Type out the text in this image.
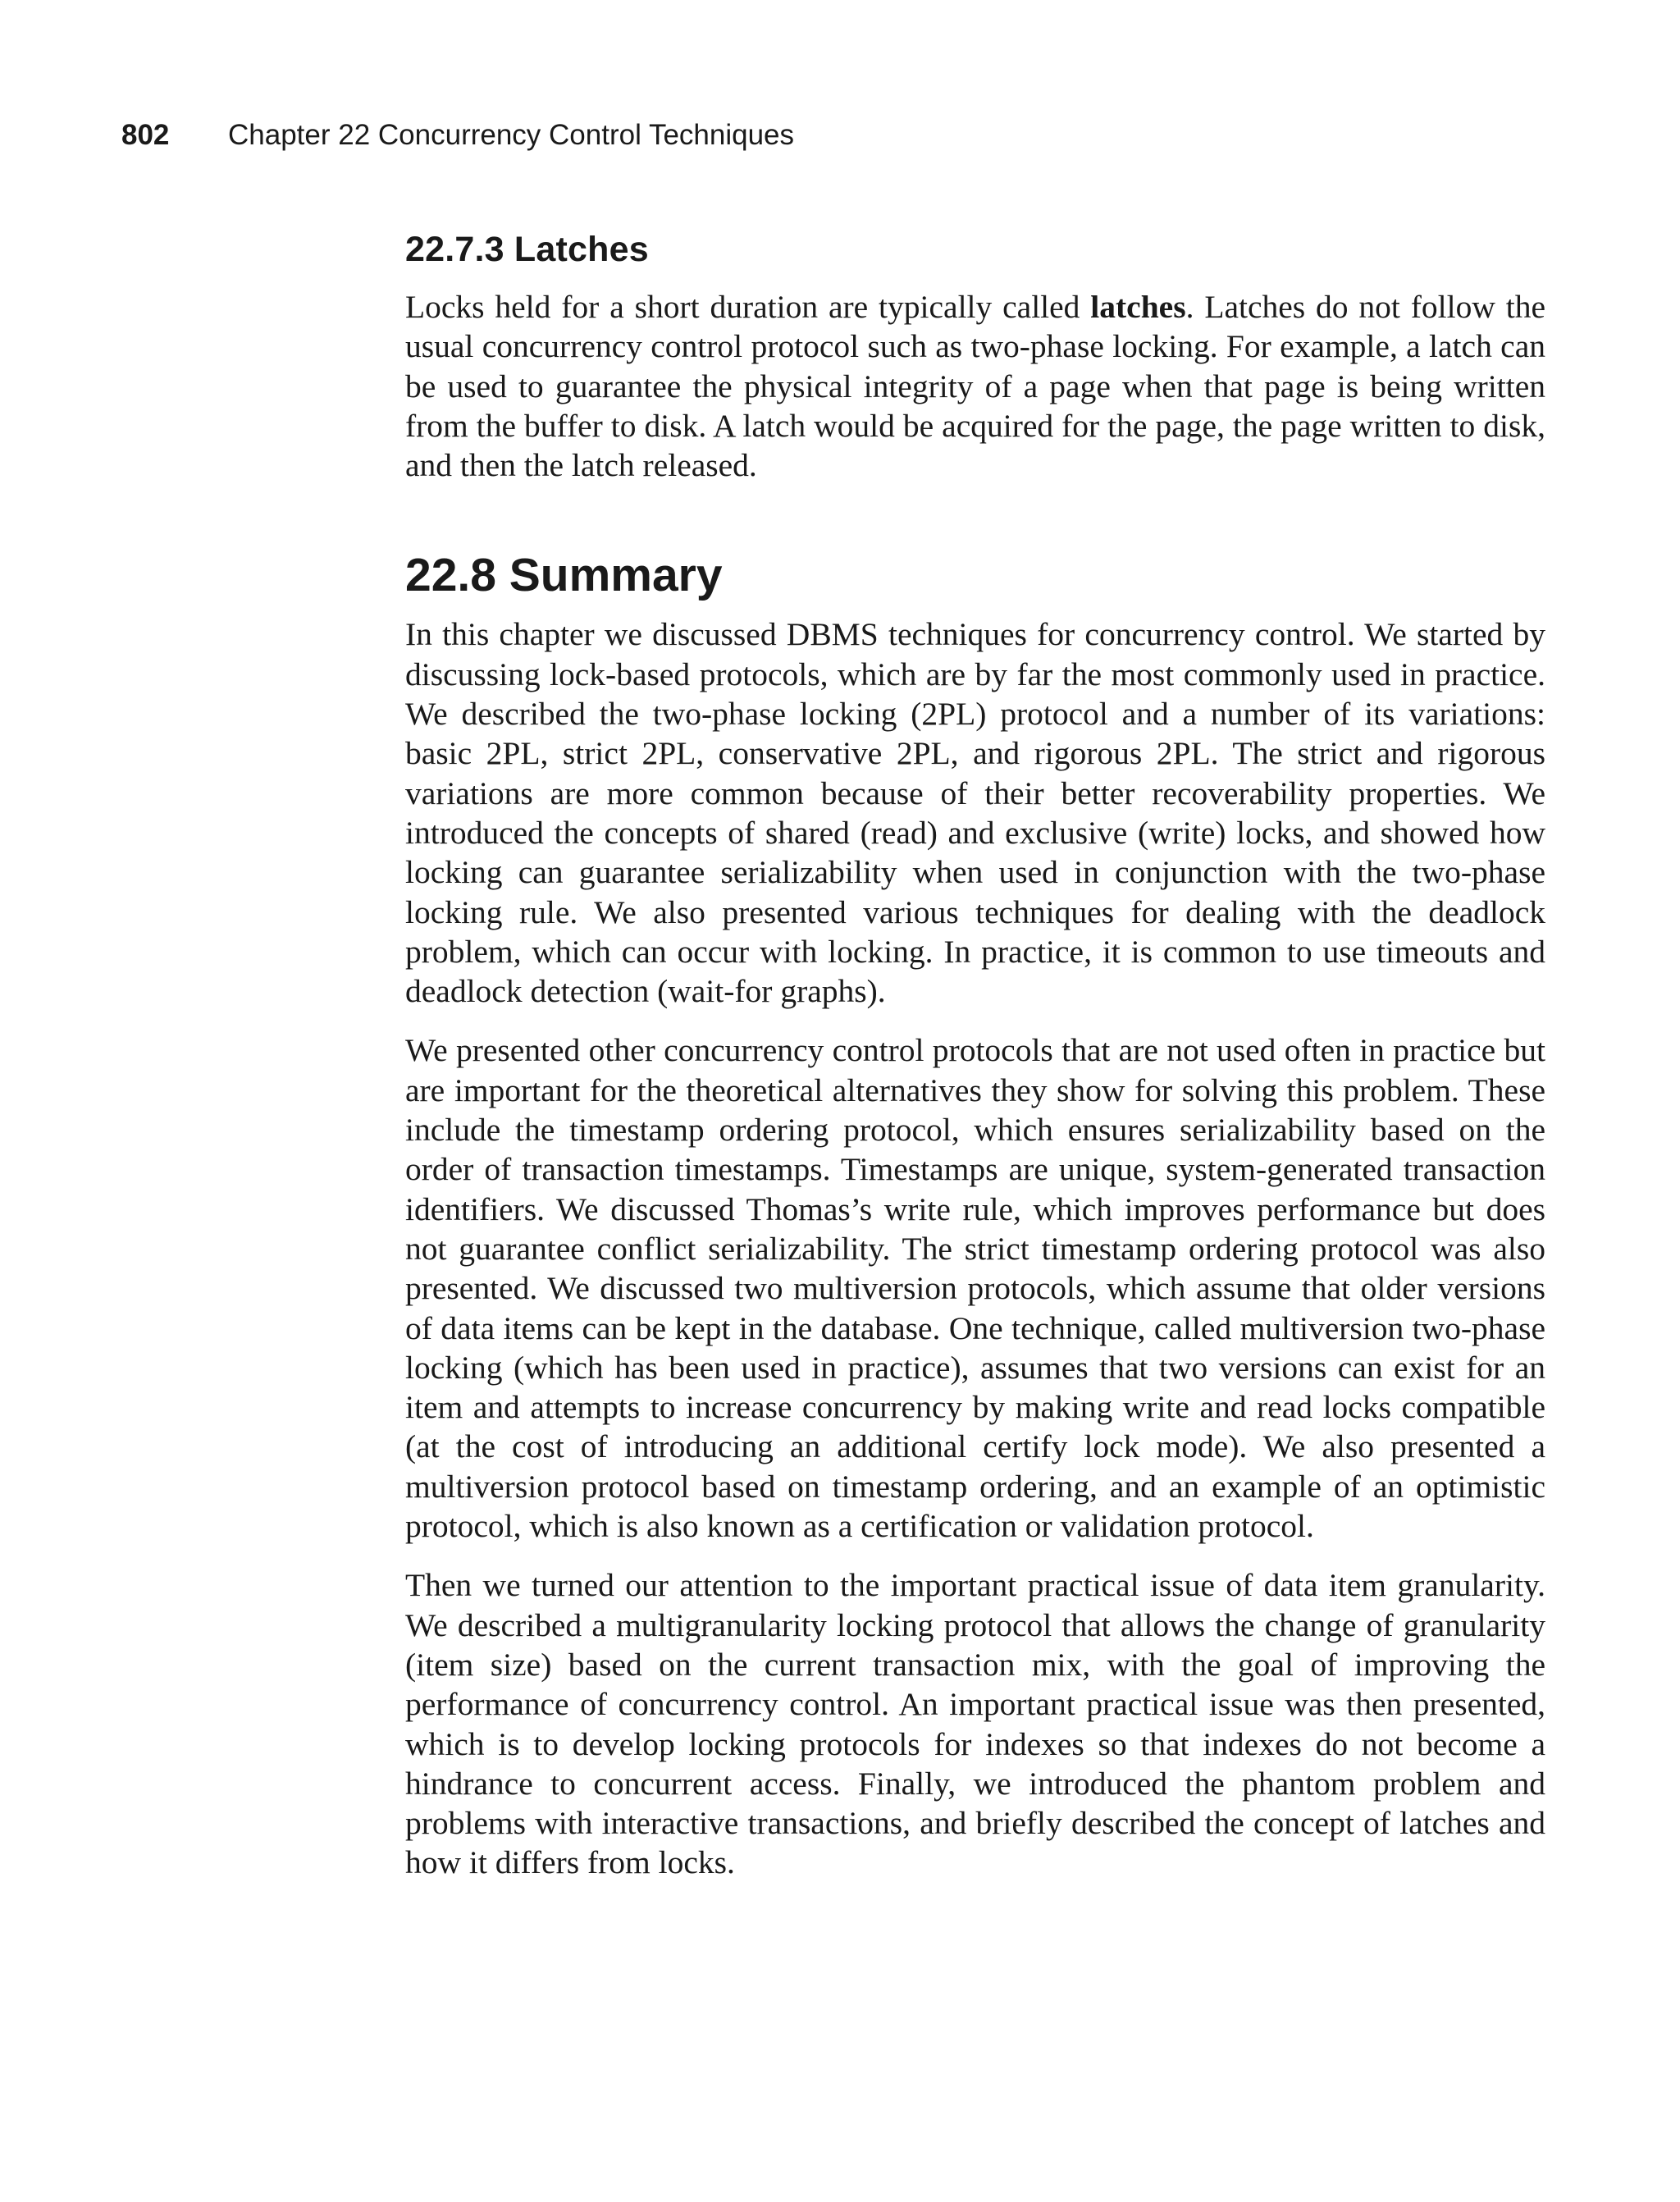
802 Chapter 22 Concurrency Control Techniques
22.7.3 Latches

Locks held for a short duration are typically called latches. Latches do not follow the usual concurrency control protocol such as two-phase locking. For example, a latch can be used to guarantee the physical integrity of a page when that page is being written from the buffer to disk. A latch would be acquired for the page, the page written to disk, and then the latch released.

22.8 Summary

In this chapter we discussed DBMS techniques for concurrency control. We started by discussing lock-based protocols, which are by far the most commonly used in practice. We described the two-phase locking (2PL) protocol and a number of its variations: basic 2PL, strict 2PL, conservative 2PL, and rigorous 2PL. The strict and rigorous variations are more common because of their better recoverability properties. We introduced the concepts of shared (read) and exclusive (write) locks, and showed how locking can guarantee serializability when used in conjunction with the two-phase locking rule. We also presented various techniques for dealing with the deadlock problem, which can occur with locking. In practice, it is common to use timeouts and deadlock detection (wait-for graphs).

We presented other concurrency control protocols that are not used often in practice but are important for the theoretical alternatives they show for solving this problem. These include the timestamp ordering protocol, which ensures serializability based on the order of transaction timestamps. Timestamps are unique, system-generated transaction identifiers. We discussed Thomas’s write rule, which improves performance but does not guarantee conflict serializability. The strict timestamp ordering protocol was also presented. We discussed two multiversion protocols, which assume that older versions of data items can be kept in the database. One technique, called multiversion two-phase locking (which has been used in practice), assumes that two versions can exist for an item and attempts to increase concurrency by making write and read locks compatible (at the cost of introducing an additional certify lock mode). We also presented a multiversion protocol based on timestamp ordering, and an example of an optimistic protocol, which is also known as a certification or validation protocol.

Then we turned our attention to the important practical issue of data item granularity. We described a multigranularity locking protocol that allows the change of granularity (item size) based on the current transaction mix, with the goal of improving the performance of concurrency control. An important practical issue was then presented, which is to develop locking protocols for indexes so that indexes do not become a hindrance to concurrent access. Finally, we introduced the phantom problem and problems with interactive transactions, and briefly described the concept of latches and how it differs from locks.
